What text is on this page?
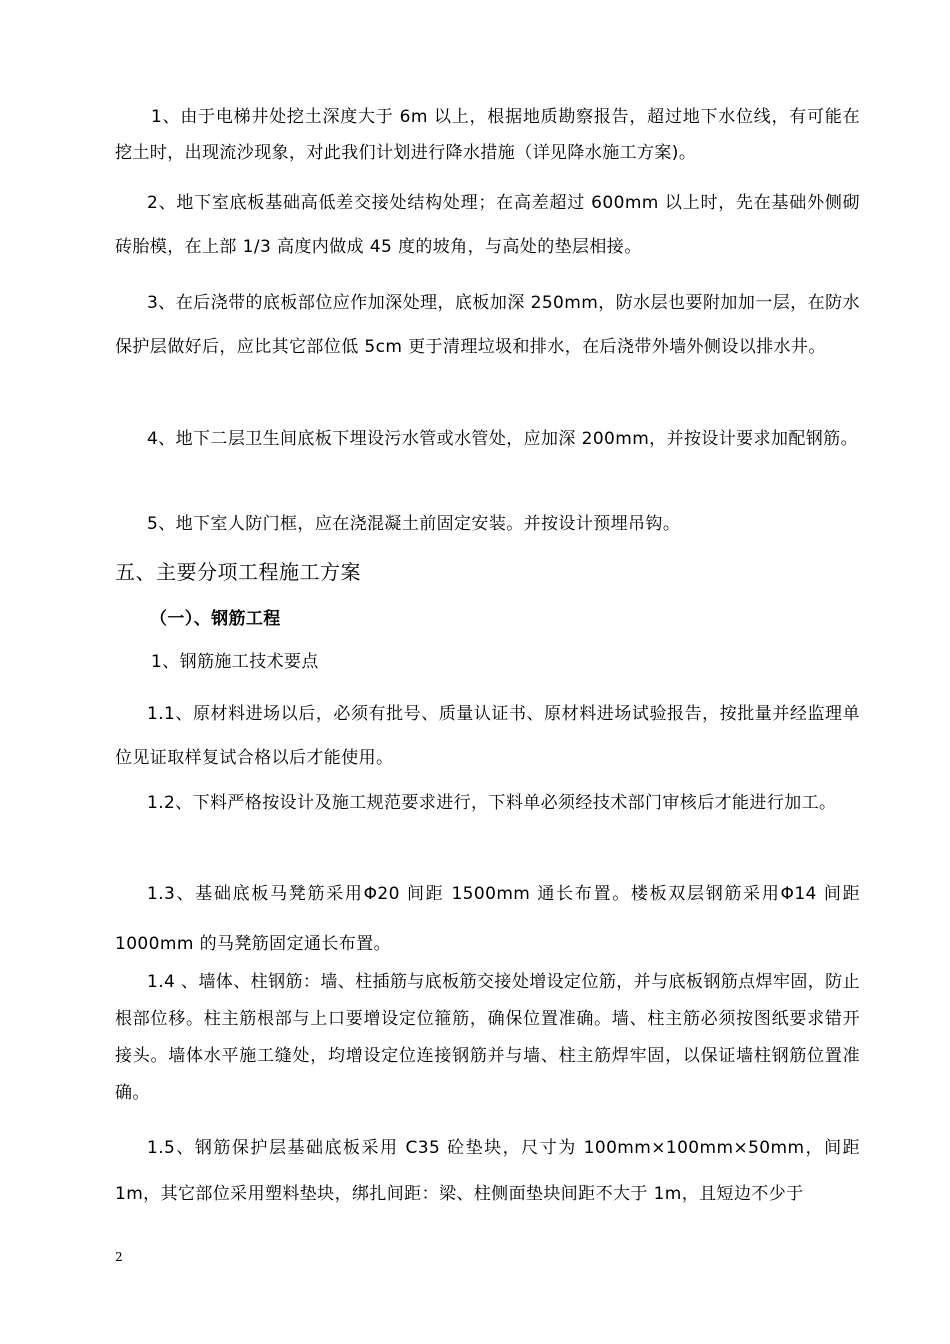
1、由于电梯井处挖土深度大于 6m 以上，根据地质勘察报告，超过地下水位线，有可能在挖土时，出现流沙现象，对此我们计划进行降水措施（详见降水施工方案)。
2、地下室底板基础高低差交接处结构处理；在高差超过 600mm 以上时，先在基础外侧砌砖胎模，在上部 1/3 高度内做成 45 度的坡角，与高处的垫层相接。
3、在后浇带的底板部位应作加深处理，底板加深 250mm，防水层也要附加加一层，在防水保护层做好后，应比其它部位低 5cm 更于清理垃圾和排水，在后浇带外墙外侧设以排水井。
4、地下二层卫生间底板下埋设污水管或水管处，应加深 200mm，并按设计要求加配钢筋。
5、地下室人防门框，应在浇混凝土前固定安装。并按设计预埋吊钩。
五、主要分项工程施工方案
（一）、钢筋工程
1、钢筋施工技术要点
1.1、原材料进场以后，必须有批号、质量认证书、原材料进场试验报告，按批量并经监理单位见证取样复试合格以后才能使用。
1.2、下料严格按设计及施工规范要求进行，下料单必须经技术部门审核后才能进行加工。
1.3、基础底板马凳筋采用Φ20 间距 1500mm 通长布置。楼板双层钢筋采用Φ14 间距 1000mm 的马凳筋固定通长布置。
1.4 、墙体、柱钢筋：墙、柱插筋与底板筋交接处增设定位筋，并与底板钢筋点焊牢固，防止根部位移。柱主筋根部与上口要增设定位箍筋，确保位置准确。墙、柱主筋必须按图纸要求错开接头。墙体水平施工缝处，均增设定位连接钢筋并与墙、柱主筋焊牢固，以保证墙柱钢筋位置准确。
1.5、钢筋保护层基础底板采用 C35 砼垫块，尺寸为 100mm×100mm×50mm，间距1m，其它部位采用塑料垫块，绑扎间距：梁、柱侧面垫块间距不大于 1m，且短边不少于
2
